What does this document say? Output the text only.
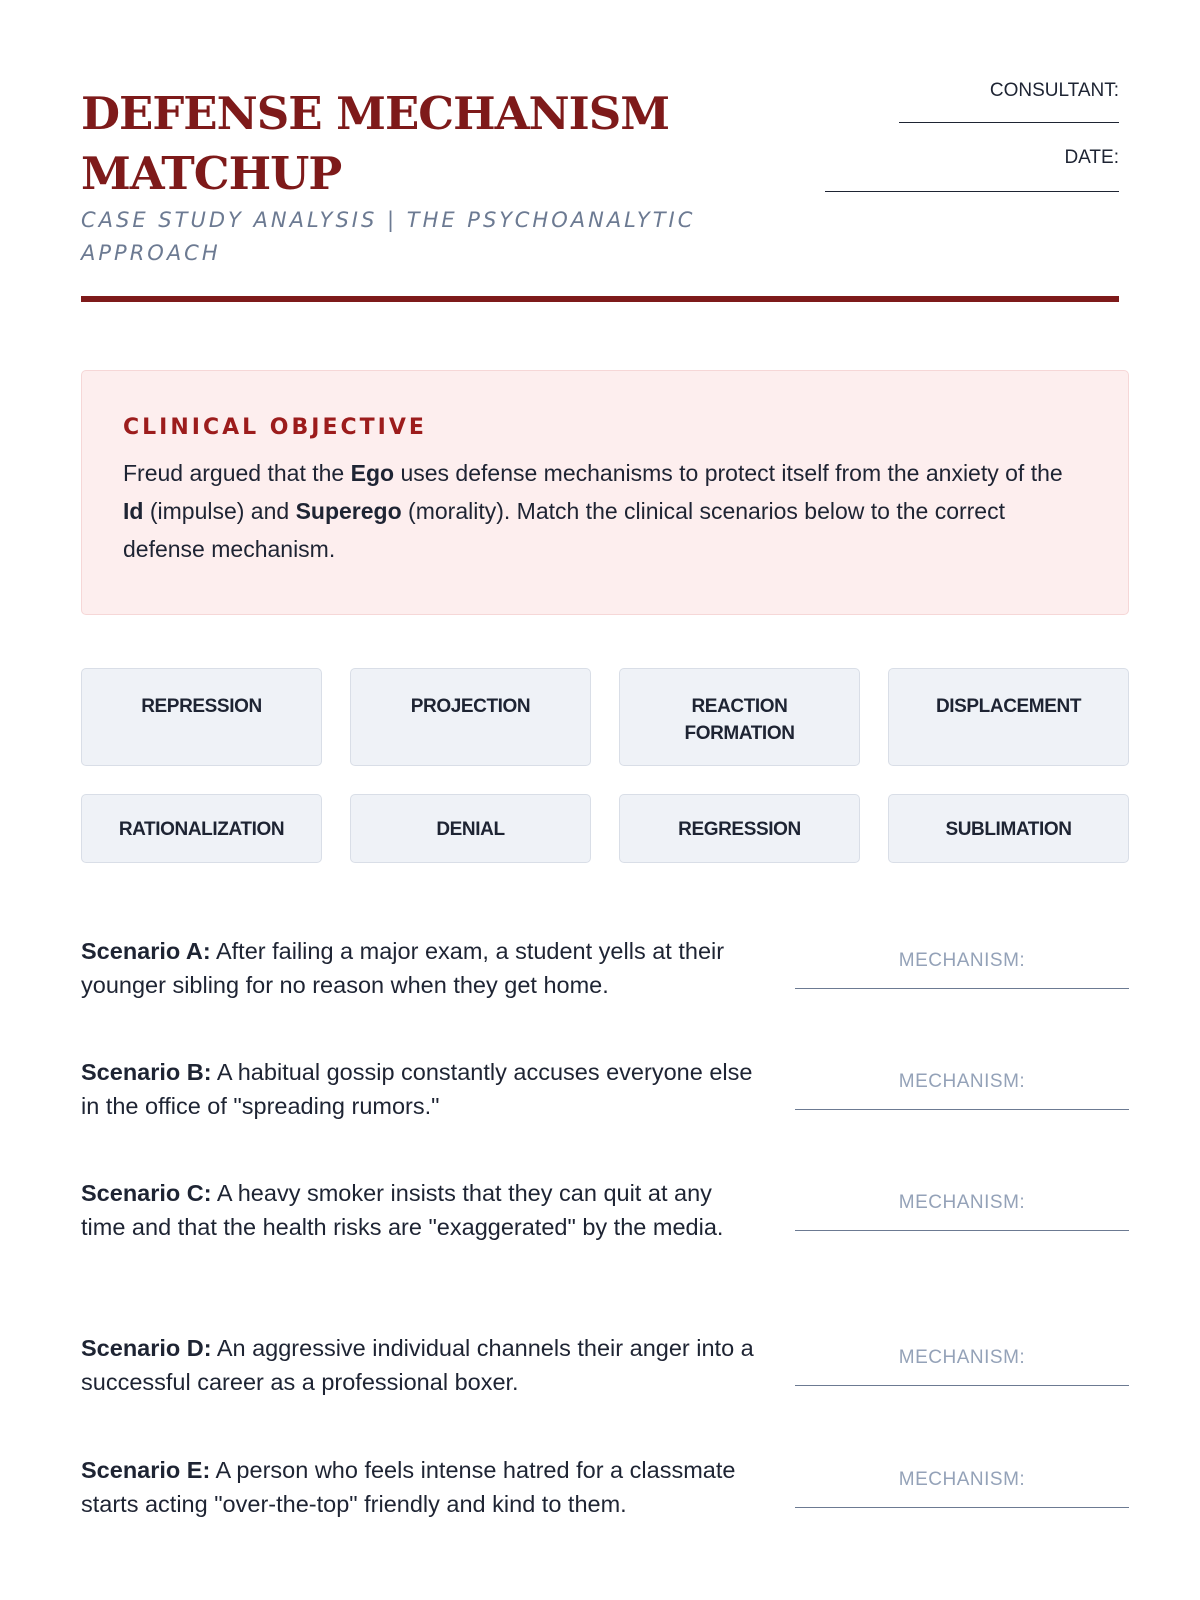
DEFENSE MECHANISM MATCHUP
CASE STUDY ANALYSIS | THE PSYCHOANALYTIC APPROACH
CONSULTANT:
DATE:
CLINICAL OBJECTIVE

Freud argued that the Ego uses defense mechanisms to protect itself from the anxiety of the Id (impulse) and Superego (morality). Match the clinical scenarios below to the correct defense mechanism.

REPRESSION	PROJECTION	REACTION FORMATION
DISPLACEMENT
RATIONALIZATION	DENIAL	REGRESSION	SUBLIMATION

Scenario A: After failing a major exam, a student yells at their younger sibling for no reason when they get home.

MECHANISM:

Scenario B: A habitual gossip constantly accuses everyone else in the office of "spreading rumors."

MECHANISM:

Scenario C: A heavy smoker insists that they can quit at any time and that the health risks are "exaggerated" by the media.

MECHANISM:

Scenario D: An aggressive individual channels their anger into a successful career as a professional boxer.

MECHANISM:

Scenario E: A person who feels intense hatred for a classmate starts acting "over-the-top" friendly and kind to them.

MECHANISM:
